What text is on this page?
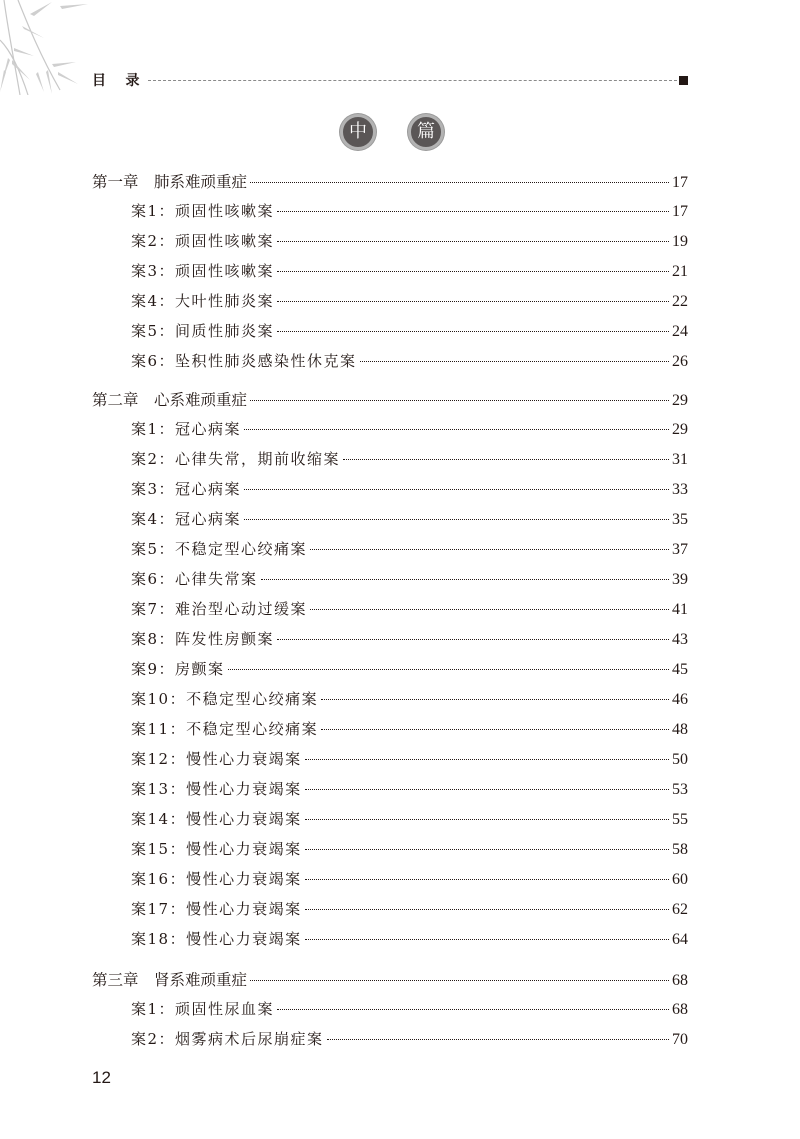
目    录
中	篇
第一章　肺系难顽重症	17
案1：顽固性咳嗽案	17
案2：顽固性咳嗽案	19
案3：顽固性咳嗽案	21
案4：大叶性肺炎案	22
案5：间质性肺炎案	24
案6：坠积性肺炎感染性休克案	26
第二章　心系难顽重症	29
案1：冠心病案	29
案2：心律失常，期前收缩案	31
案3：冠心病案	33
案4：冠心病案	35
案5：不稳定型心绞痛案	37
案6：心律失常案	39
案7：难治型心动过缓案	41
案8：阵发性房颤案	43
案9：房颤案	45
案10：不稳定型心绞痛案	46
案11：不稳定型心绞痛案	48
案12：慢性心力衰竭案	50
案13：慢性心力衰竭案	53
案14：慢性心力衰竭案	55
案15：慢性心力衰竭案	58
案16：慢性心力衰竭案	60
案17：慢性心力衰竭案	62
案18：慢性心力衰竭案	64
第三章　肾系难顽重症	68
案1：顽固性尿血案	68
案2：烟雾病术后尿崩症案	70
12
